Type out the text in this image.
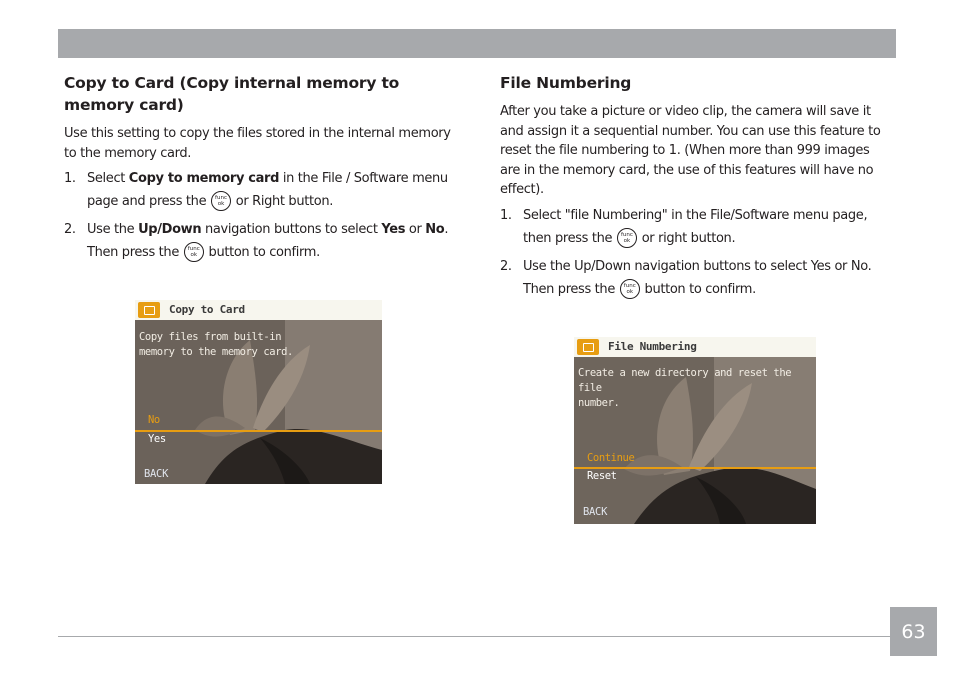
Copy to Card (Copy internal memory to memory card)

Use this setting to copy the files stored in the internal memory to the memory card.

1. Select Copy to memory card in the File / Software menu page and press the func
ok or Right button.
2. Use the Up/Down navigation buttons to select Yes or No. Then press the func
ok button to confirm.
Copy to Card
Copy files from built-in
memory to the memory card.
No
Yes
BACK
File Numbering

After you take a picture or video clip, the camera will save it and assign it a sequential number. You can use this feature to reset the file numbering to 1. (When more than 999 images are in the memory card, the use of this features will have no effect).

1. Select "file Numbering" in the File/Software menu page, then press the func
ok or right button.
2. Use the Up/Down navigation buttons to select Yes or No. Then press the func
ok button to confirm.
File Numbering
Create a new directory and reset the file
number.
Continue
Reset
BACK
63
